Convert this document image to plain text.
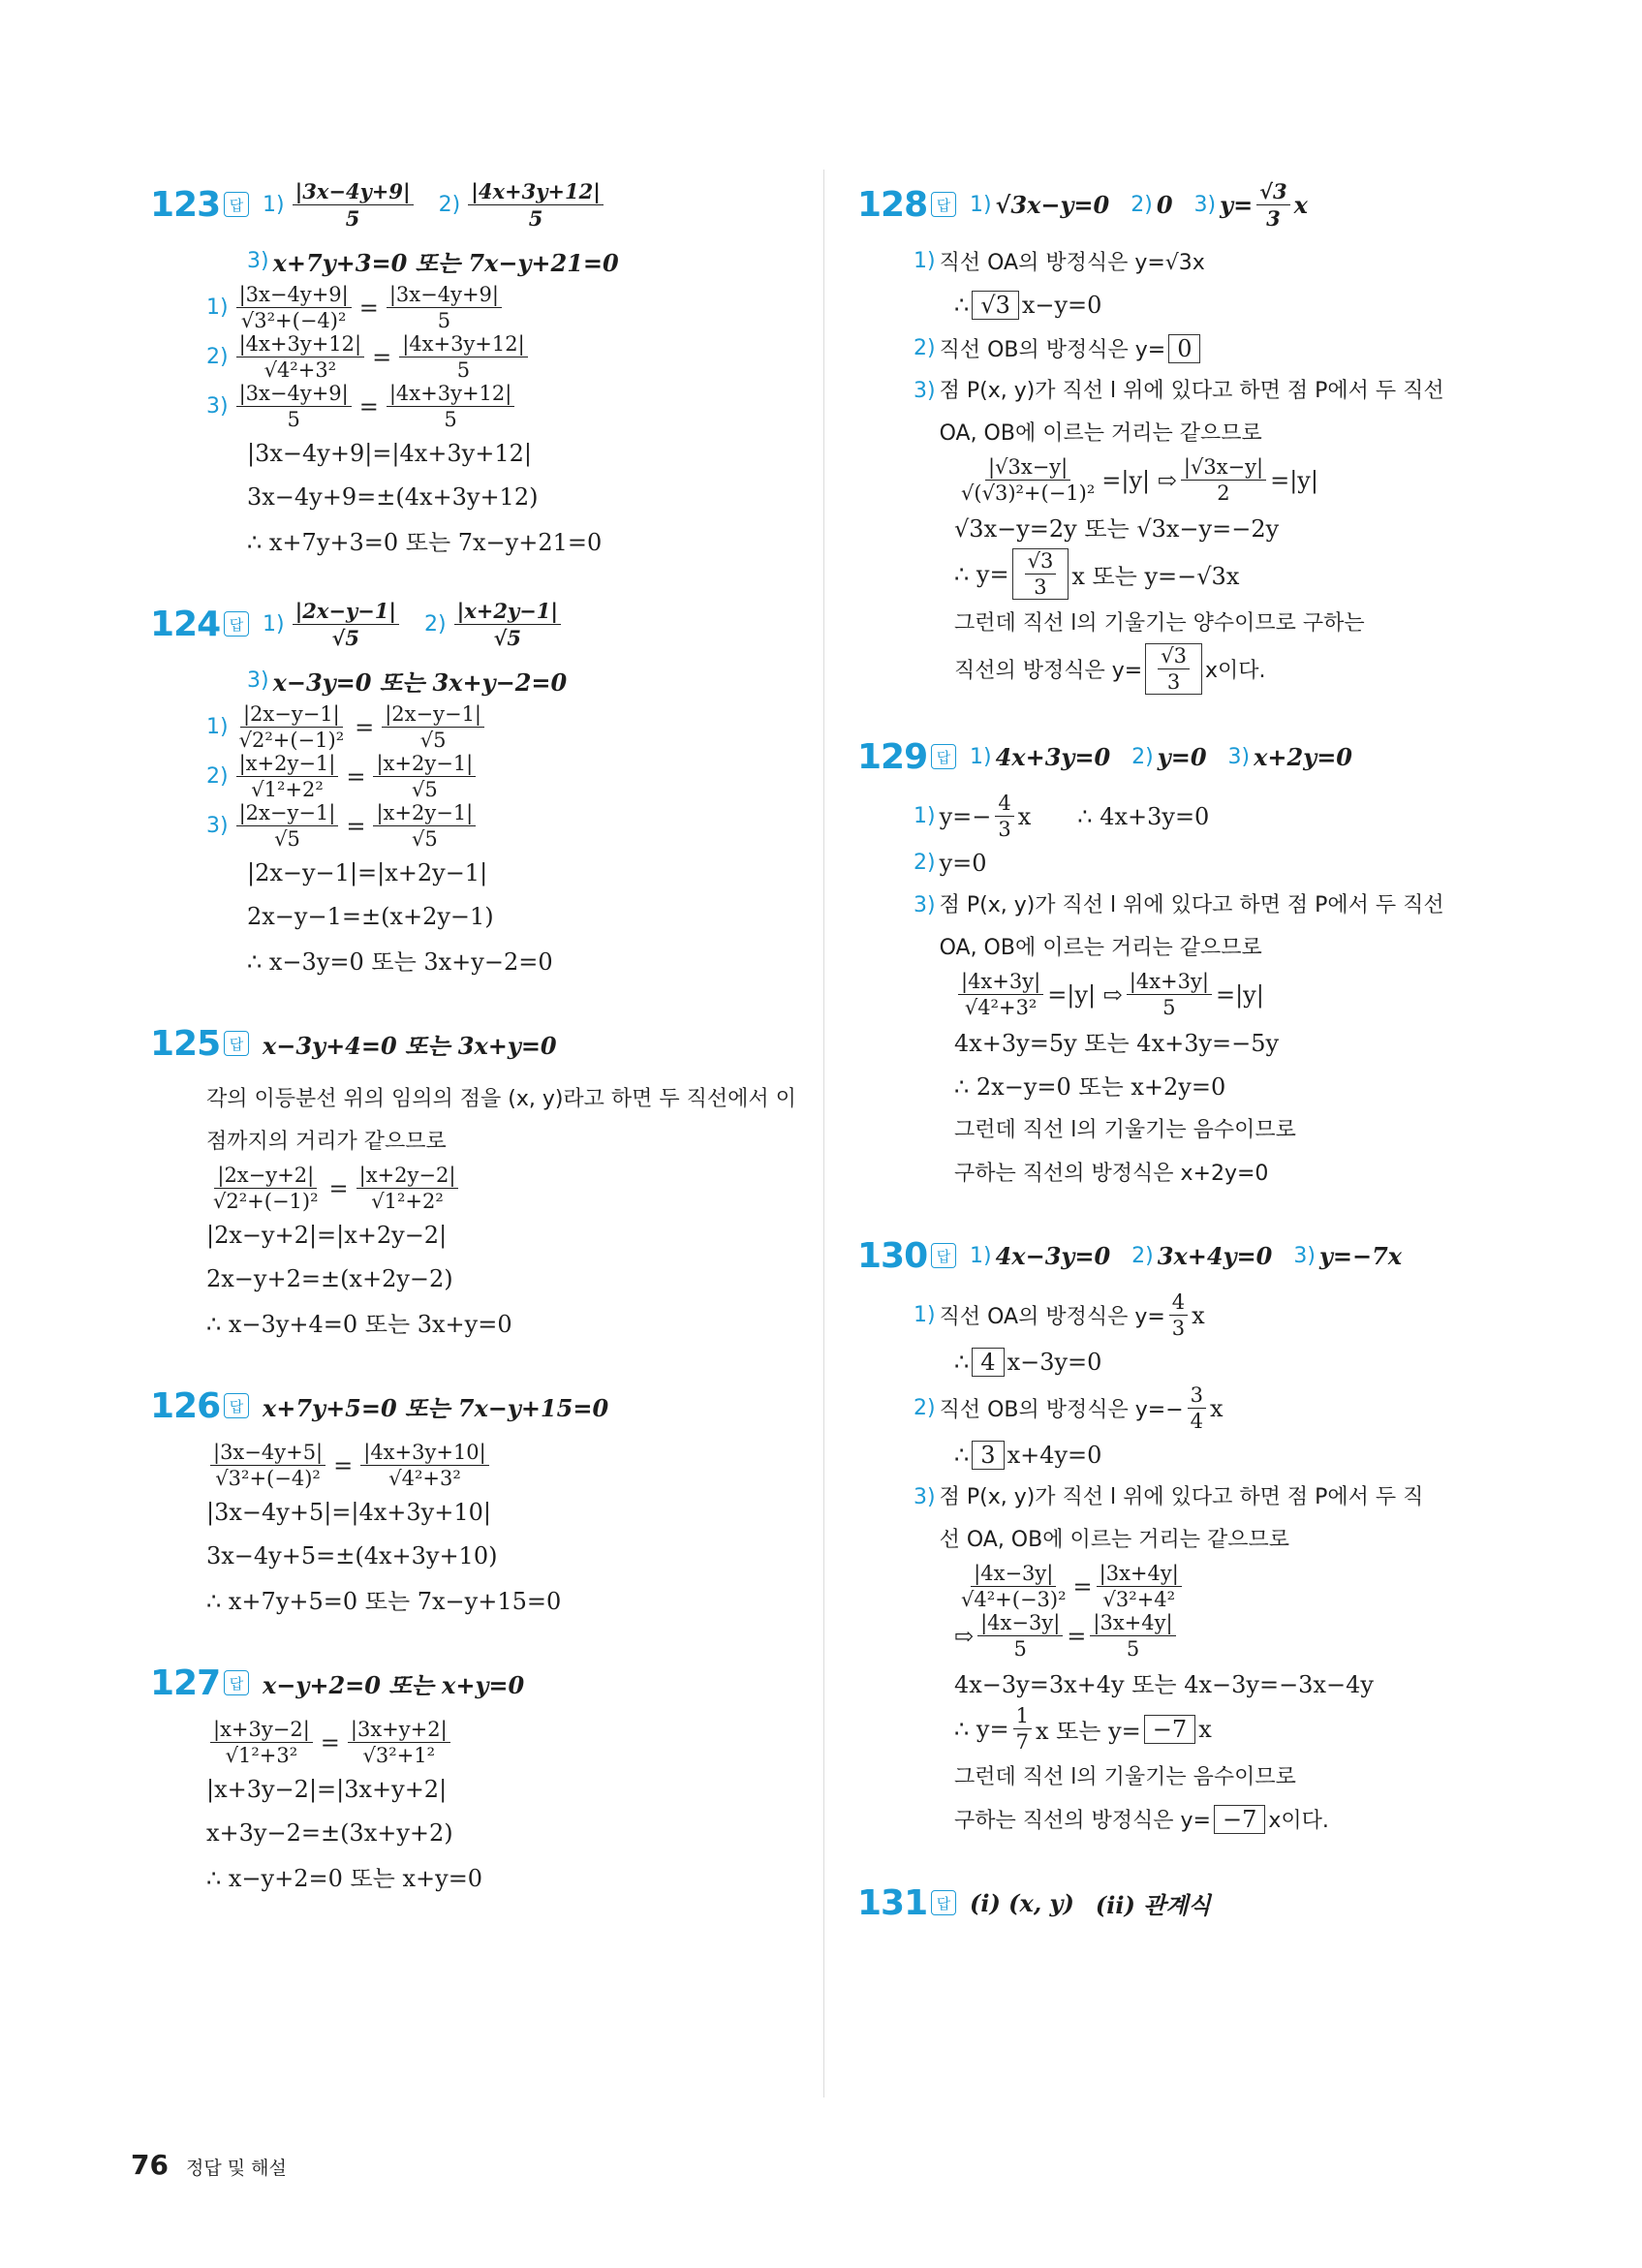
123 답 $1) \frac{|3x-4y+9|}{5} 2) \frac{|4x+3y+12|}{5}$
3) x+7y+3=0 또는 7x−y+21=0
$1) \frac{|3x-4y+9|}{\text{√3²+(−4)²}} = \frac{|3x-4y+9|}{5}$
$2) \frac{|4x+3y+12|}{\text{√4²+3²}} = \frac{|4x+3y+12|}{5}$
$3) \frac{|3x-4y+9|}{5} = \frac{|4x+3y+12|}{5}$
|3x−4y+9|=|4x+3y+12|
3x−4y+9=±(4x+3y+12)
∴ x+7y+3=0 또는 7x−y+21=0
124 답 $1) \frac{|2x-y-1|}{√5} 2) \frac{|x+2y-1|}{√5}$
3) x−3y=0 또는 3x+y−2=0
$1) \frac{|2x-y-1|}{\text{√2²+(−1)²}} = \frac{|2x-y-1|}{√5}$
$2) \frac{|x+2y-1|}{\text{√1²+2²}} = \frac{|x+2y-1|}{√5}$
$3) \frac{|2x-y-1|}{√5} = \frac{|x+2y-1|}{√5}$
|2x−y−1|=|x+2y−1|
2x−y−1=±(x+2y−1)
∴ x−3y=0 또는 3x+y−2=0
125 답 x−3y+4=0 또는 3x+y=0
각의 이등분선 위의 임의의 점을 (x, y)라고 하면 두 직선에서 이 점까지의 거리가 같으므로
$\frac{|2x-y+2|}{\text{√2²+(−1)²}} = \frac{|x+2y-2|}{\text{√1²+2²}}$
|2x−y+2|=|x+2y−2|
2x−y+2=±(x+2y−2)
∴ x−3y+4=0 또는 3x+y=0
126 답 x+7y+5=0 또는 7x−y+15=0
$\frac{|3x-4y+5|}{\text{√3²+(−4)²}} = \frac{|4x+3y+10|}{\text{√4²+3²}}$
|3x−4y+5|=|4x+3y+10|
3x−4y+5=±(4x+3y+10)
∴ x+7y+5=0 또는 7x−y+15=0
127 답 x−y+2=0 또는 x+y=0
$\frac{|x+3y-2|}{\text{√1²+3²}} = \frac{|3x+y+2|}{\text{√3²+1²}}$
|x+3y−2|=|3x+y+2|
x+3y−2=±(3x+y+2)
∴ x−y+2=0 또는 x+y=0
128 답 1) √3x−y=0 2) 0 3) $y= \frac{√3}{3}$ x
1) 직선 OA의 방정식은 y=√3x
∴ √3 x−y=0
2) 직선 OB의 방정식은 y= 0
3) 점 P(x, y)가 직선 l 위에 있다고 하면 점 P에서 두 직선 OA, OB에 이르는 거리는 같으므로
$\frac{|√3x-y|}{\text{√(√3)²+(−1)²}} =|y|$ ⇨ $\frac{|√3x-y|}{2} =|y|$
√3x−y=2y 또는 √3x−y=−2y
∴ $y= \frac{√3}{3}$ x 또는 y=−√3x
그런데 직선 l의 기울기는 양수이므로 구하는
직선의 방정식은 $y= \frac{√3}{3}$ x이다.
129 답 1) 4x+3y=0 2) y=0 3) x+2y=0
1) $y=- \frac{4}{3}$ x ∴ 4x+3y=0
2) y=0
3) 점 P(x, y)가 직선 l 위에 있다고 하면 점 P에서 두 직선 OA, OB에 이르는 거리는 같으므로
$\frac{|4x+3y|}{\text{√4²+3²}} =|y|$ ⇨ $\frac{|4x+3y|}{5} =|y|$
4x+3y=5y 또는 4x+3y=−5y
∴ 2x−y=0 또는 x+2y=0
그런데 직선 l의 기울기는 음수이므로
구하는 직선의 방정식은 x+2y=0
130 답 1) 4x−3y=0 2) 3x+4y=0 3) y=−7x
1) 직선 OA의 방정식은 $y= \frac{4}{3}$ x
∴ 4 x−3y=0
2) 직선 OB의 방정식은 $y=- \frac{3}{4}$ x
∴ 3 x+4y=0
3) 점 P(x, y)가 직선 l 위에 있다고 하면 점 P에서 두 직선 OA, OB에 이르는 거리는 같으므로
$\frac{|4x-3y|}{\text{√4²+(−3)²}} = \frac{|3x+4y|}{\text{√3²+4²}}$
⇨ $\frac{|4x-3y|}{5} = \frac{|3x+4y|}{5}$
4x−3y=3x+4y 또는 4x−3y=−3x−4y
∴ $y= \frac{1}{7}$ x 또는 y= −7 x
그런데 직선 l의 기울기는 음수이므로
구하는 직선의 방정식은 y= −7 x이다.
131 답 (i) (x, y) (ii) 관계식
76 정답 및 해설
